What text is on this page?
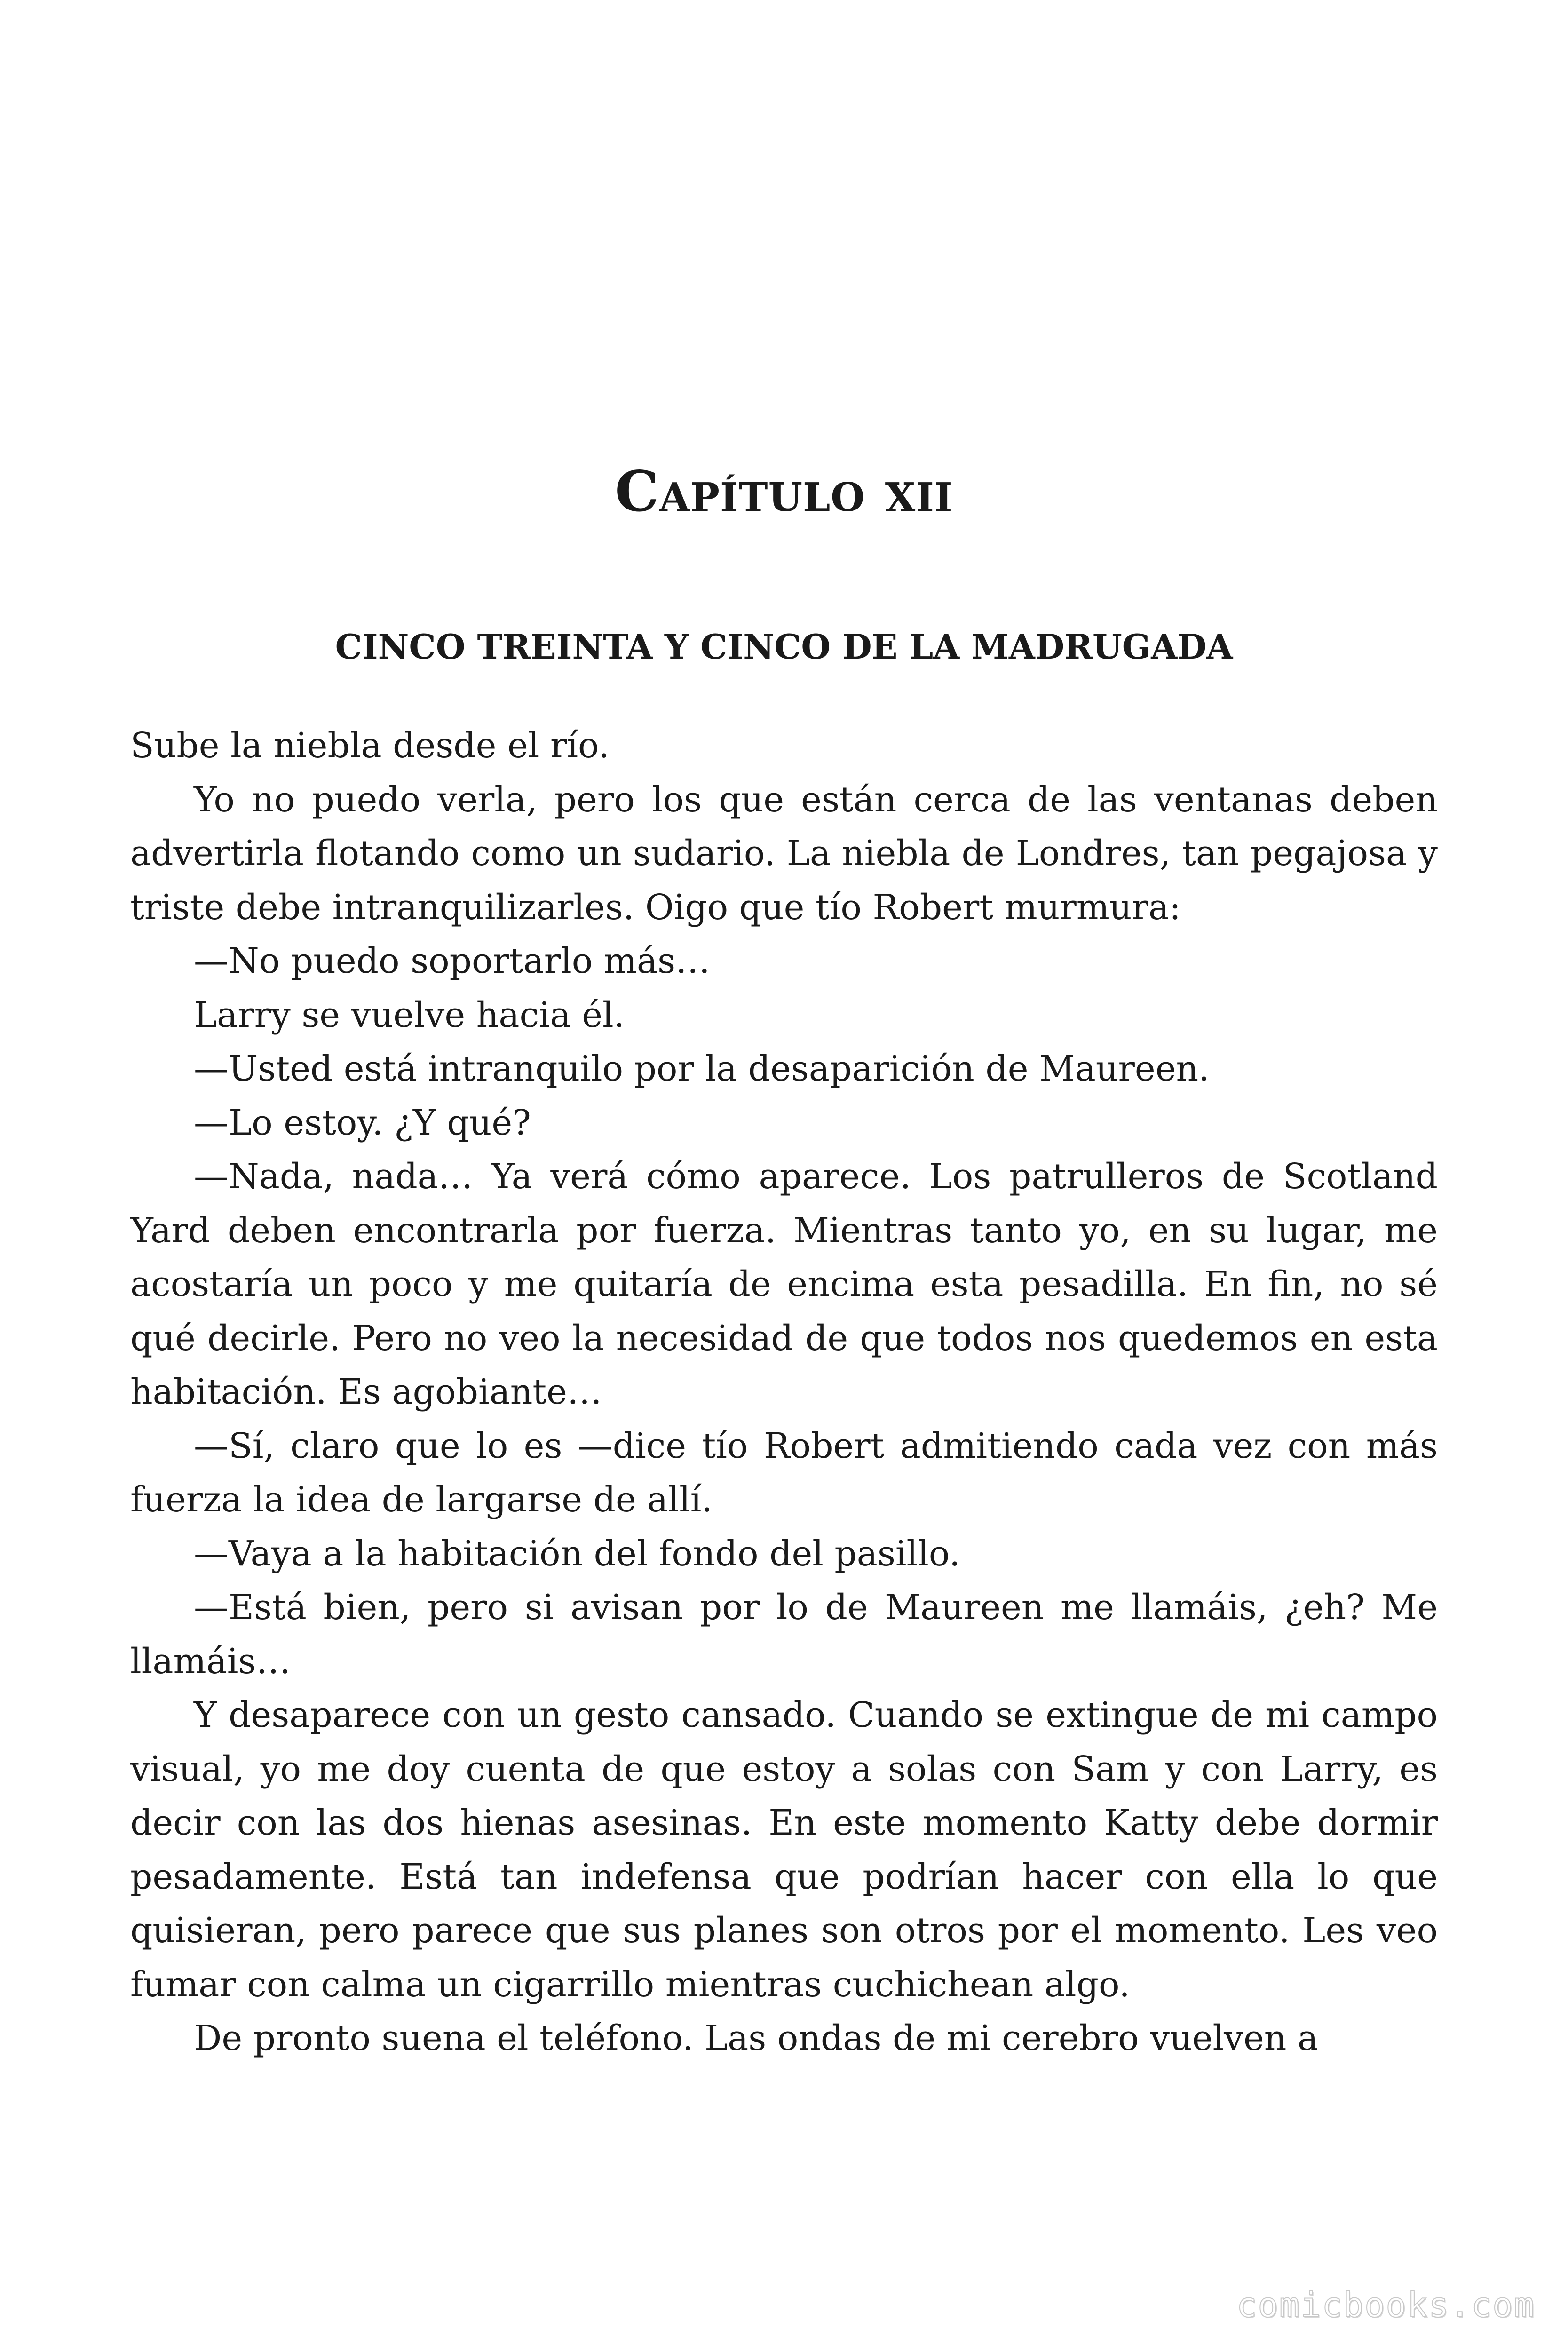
Capítulo xii
CINCO TREINTA Y CINCO DE LA MADRUGADA

Sube la niebla desde el río.

Yo no puedo verla, pero los que están cerca de las ventanas deben advertirla flotando como un sudario. La niebla de Londres, tan pegajosa y triste debe intranquilizarles. Oigo que tío Robert murmura:

—No puedo soportarlo más…

Larry se vuelve hacia él.

—Usted está intranquilo por la desaparición de Maureen.

—Lo estoy. ¿Y qué?

—Nada, nada… Ya verá cómo aparece. Los patrulleros de Scotland Yard deben encontrarla por fuerza. Mientras tanto yo, en su lugar, me acostaría un poco y me quitaría de encima esta pesadilla. En fin, no sé qué decirle. Pero no veo la necesidad de que todos nos quedemos en esta habitación. Es agobiante…

—Sí, claro que lo es —dice tío Robert admitiendo cada vez con más fuerza la idea de largarse de allí.

—Vaya a la habitación del fondo del pasillo.

—Está bien, pero si avisan por lo de Maureen me llamáis, ¿eh? Me llamáis…

Y desaparece con un gesto cansado. Cuando se extingue de mi campo visual, yo me doy cuenta de que estoy a solas con Sam y con Larry, es decir con las dos hienas asesinas. En este momento Katty debe dormir pesadamente. Está tan indefensa que podrían hacer con ella lo que quisieran, pero parece que sus planes son otros por el momento. Les veo fumar con calma un cigarrillo mientras cuchichean algo.

De pronto suena el teléfono. Las ondas de mi cerebro vuelven a

comicbooks.com
